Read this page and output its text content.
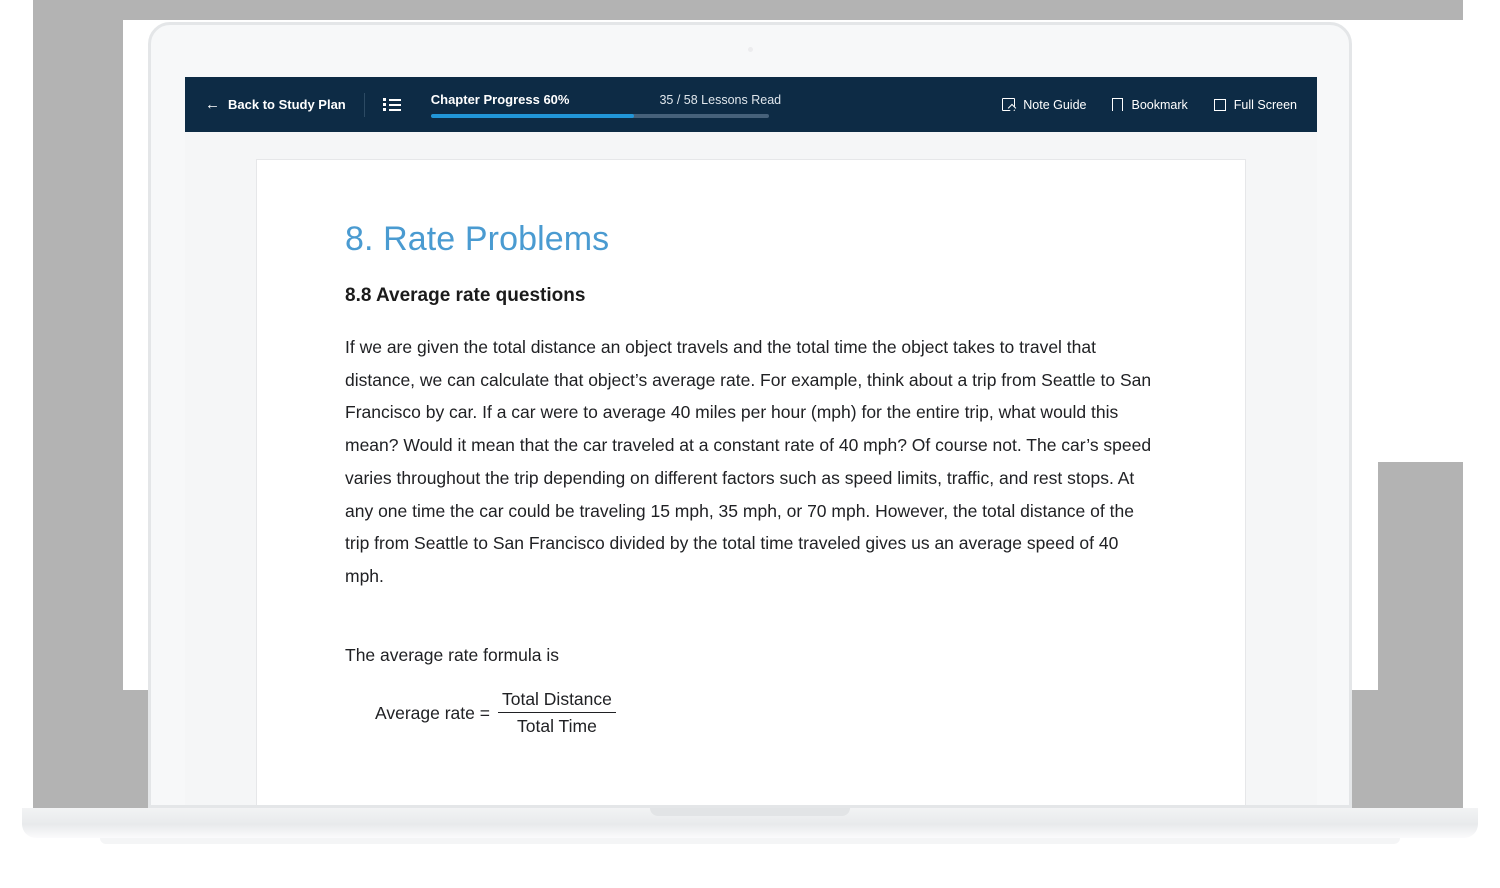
← Back to Study Plan	Chapter Progress 60%	35 / 58 Lessons Read	Note Guide	Bookmark	Full Screen
8. Rate Problems
8.8 Average rate questions

If we are given the total distance an object travels and the total time the object takes to travel that distance, we can calculate that object’s average rate. For example, think about a trip from Seattle to San Francisco by car. If a car were to average 40 miles per hour (mph) for the entire trip, what would this mean? Would it mean that the car traveled at a constant rate of 40 mph? Of course not. The car’s speed varies throughout the trip depending on different factors such as speed limits, traffic, and rest stops. At any one time the car could be traveling 15 mph, 35 mph, or 70 mph. However, the total distance of the trip from Seattle to San Francisco divided by the total time traveled gives us an average speed of 40 mph.

The average rate formula is

Average rate = $\frac{\text{Total Distance}}{\text{Total Time}}$
